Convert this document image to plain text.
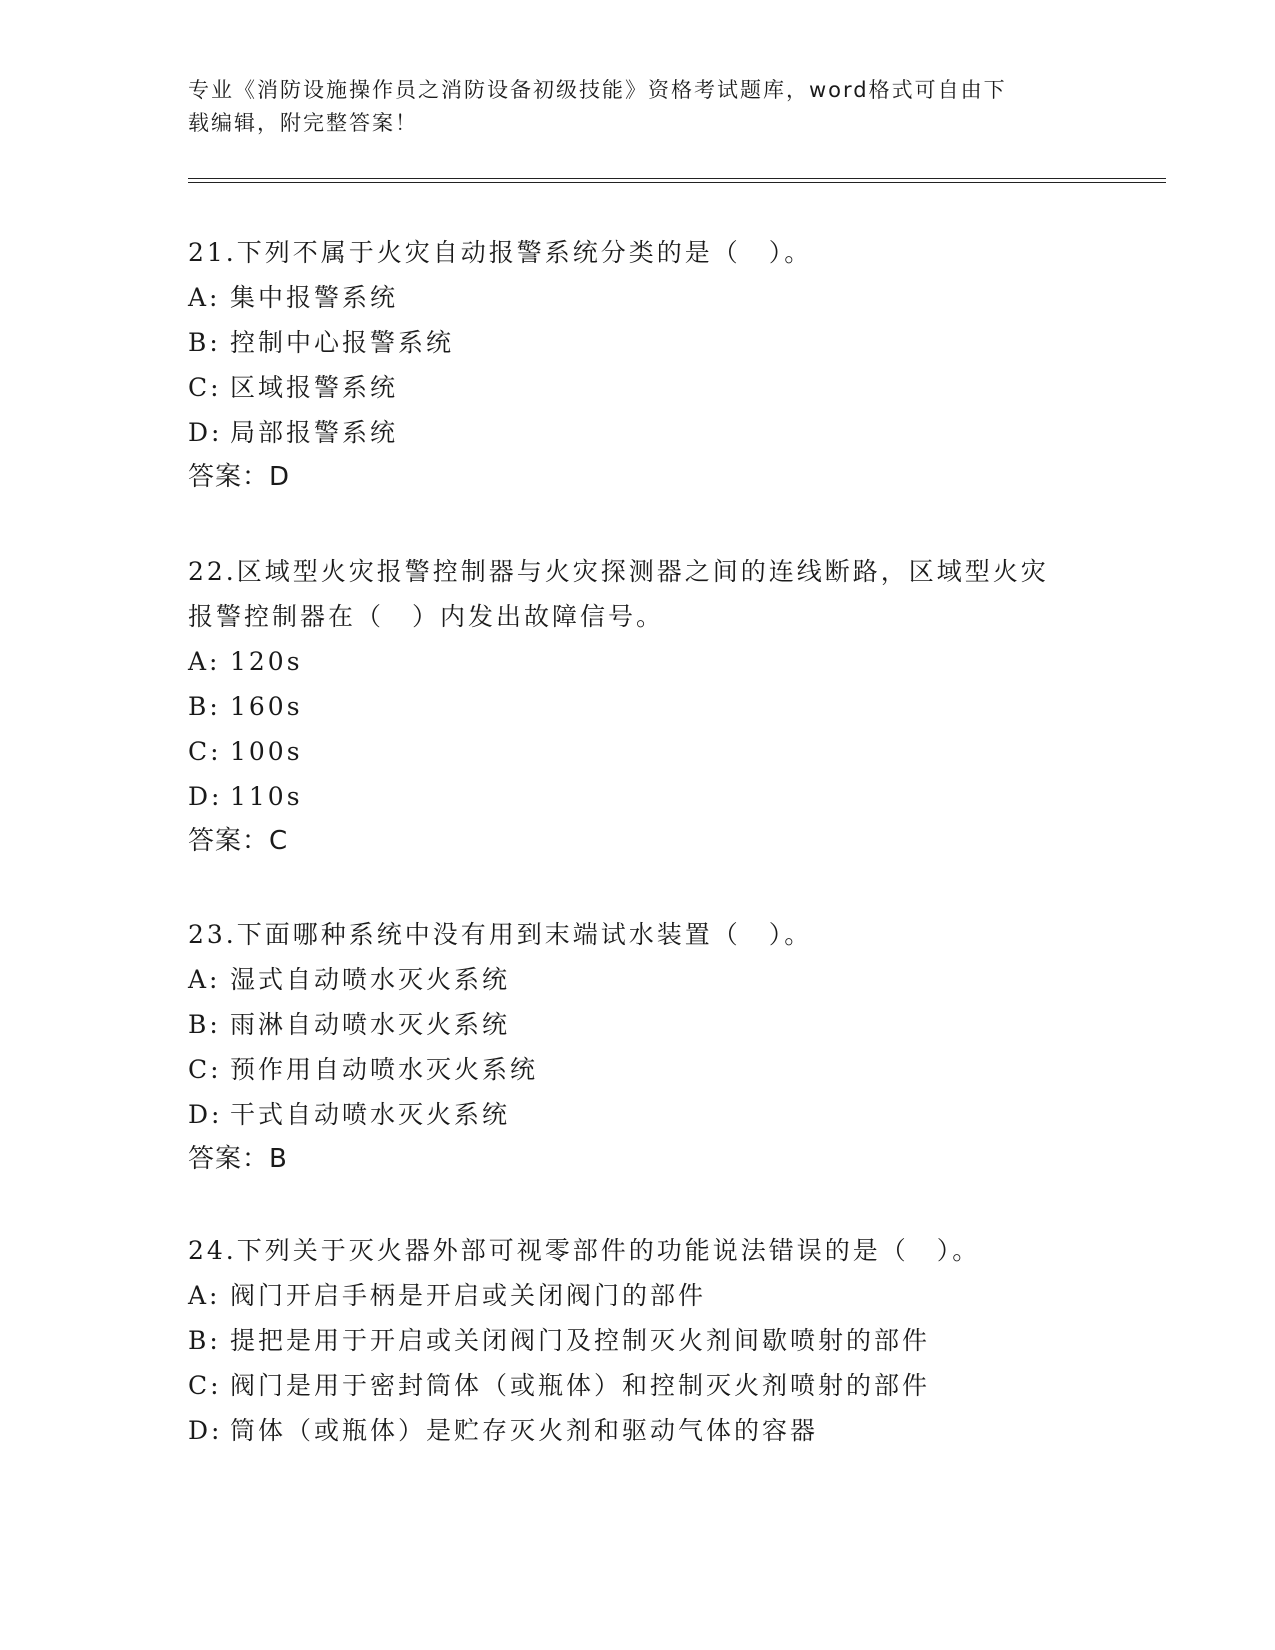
专业《消防设施操作员之消防设备初级技能》资格考试题库，word格式可自由下
载编辑，附完整答案！
21.下列不属于火灾自动报警系统分类的是（　）。
A: 集中报警系统
B: 控制中心报警系统
C: 区域报警系统
D: 局部报警系统
答案：D
22.区域型火灾报警控制器与火灾探测器之间的连线断路，区域型火灾
报警控制器在（　）内发出故障信号。
A: 120s
B: 160s
C: 100s
D: 110s
答案：C
23.下面哪种系统中没有用到末端试水装置（　）。
A: 湿式自动喷水灭火系统
B: 雨淋自动喷水灭火系统
C: 预作用自动喷水灭火系统
D: 干式自动喷水灭火系统
答案：B
24.下列关于灭火器外部可视零部件的功能说法错误的是（　）。
A: 阀门开启手柄是开启或关闭阀门的部件
B: 提把是用于开启或关闭阀门及控制灭火剂间歇喷射的部件
C: 阀门是用于密封筒体（或瓶体）和控制灭火剂喷射的部件
D: 筒体（或瓶体）是贮存灭火剂和驱动气体的容器
